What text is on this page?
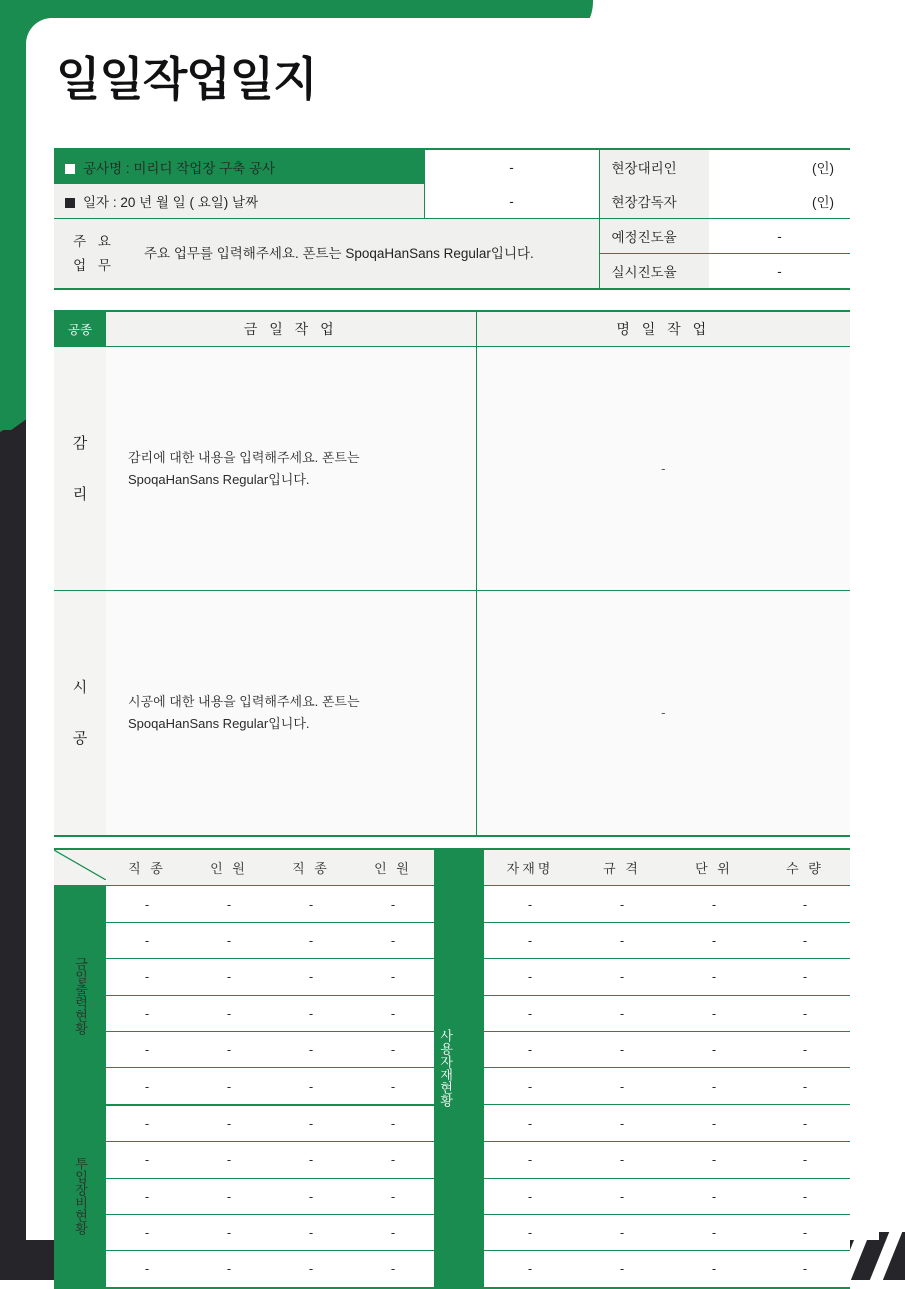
일일작업일지
공사명 : 미리디 작업장 구축 공사		-	현장대리인	(인)
일자 : 20 년 월 일 ( 요일) 날짜		-	현장감독자	(인)

주 요
업 무	주요 업무를 입력해주세요. 폰트는 SpoqaHanSans Regular입니다.		예정진도율	-
			실시진도율	-
공종	금 일 작 업	명 일 작 업

감
리	감리에 대한 내용을 입력해주세요. 폰트는 SpoqaHanSans Regular입니다.	-

시
공	시공에 대한 내용을 입력해주세요. 폰트는 SpoqaHanSans Regular입니다.	-
	직 종	인 원	직 종	인 원	사용자재현황	자재명	규 격	단 위	수 량
금일출력현황	-	-	-	-		-	-	-	-
	-	-	-	-		-	-	-	-
	-	-	-	-		-	-	-	-
	-	-	-	-		-	-	-	-
	-	-	-	-		-	-	-	-
	-	-	-	-		-	-	-	-
투입장비현황	-	-	-	-		-	-	-	-
	-	-	-	-		-	-	-	-
	-	-	-	-		-	-	-	-
	-	-	-	-		-	-	-	-
	-	-	-	-		-	-	-	-
